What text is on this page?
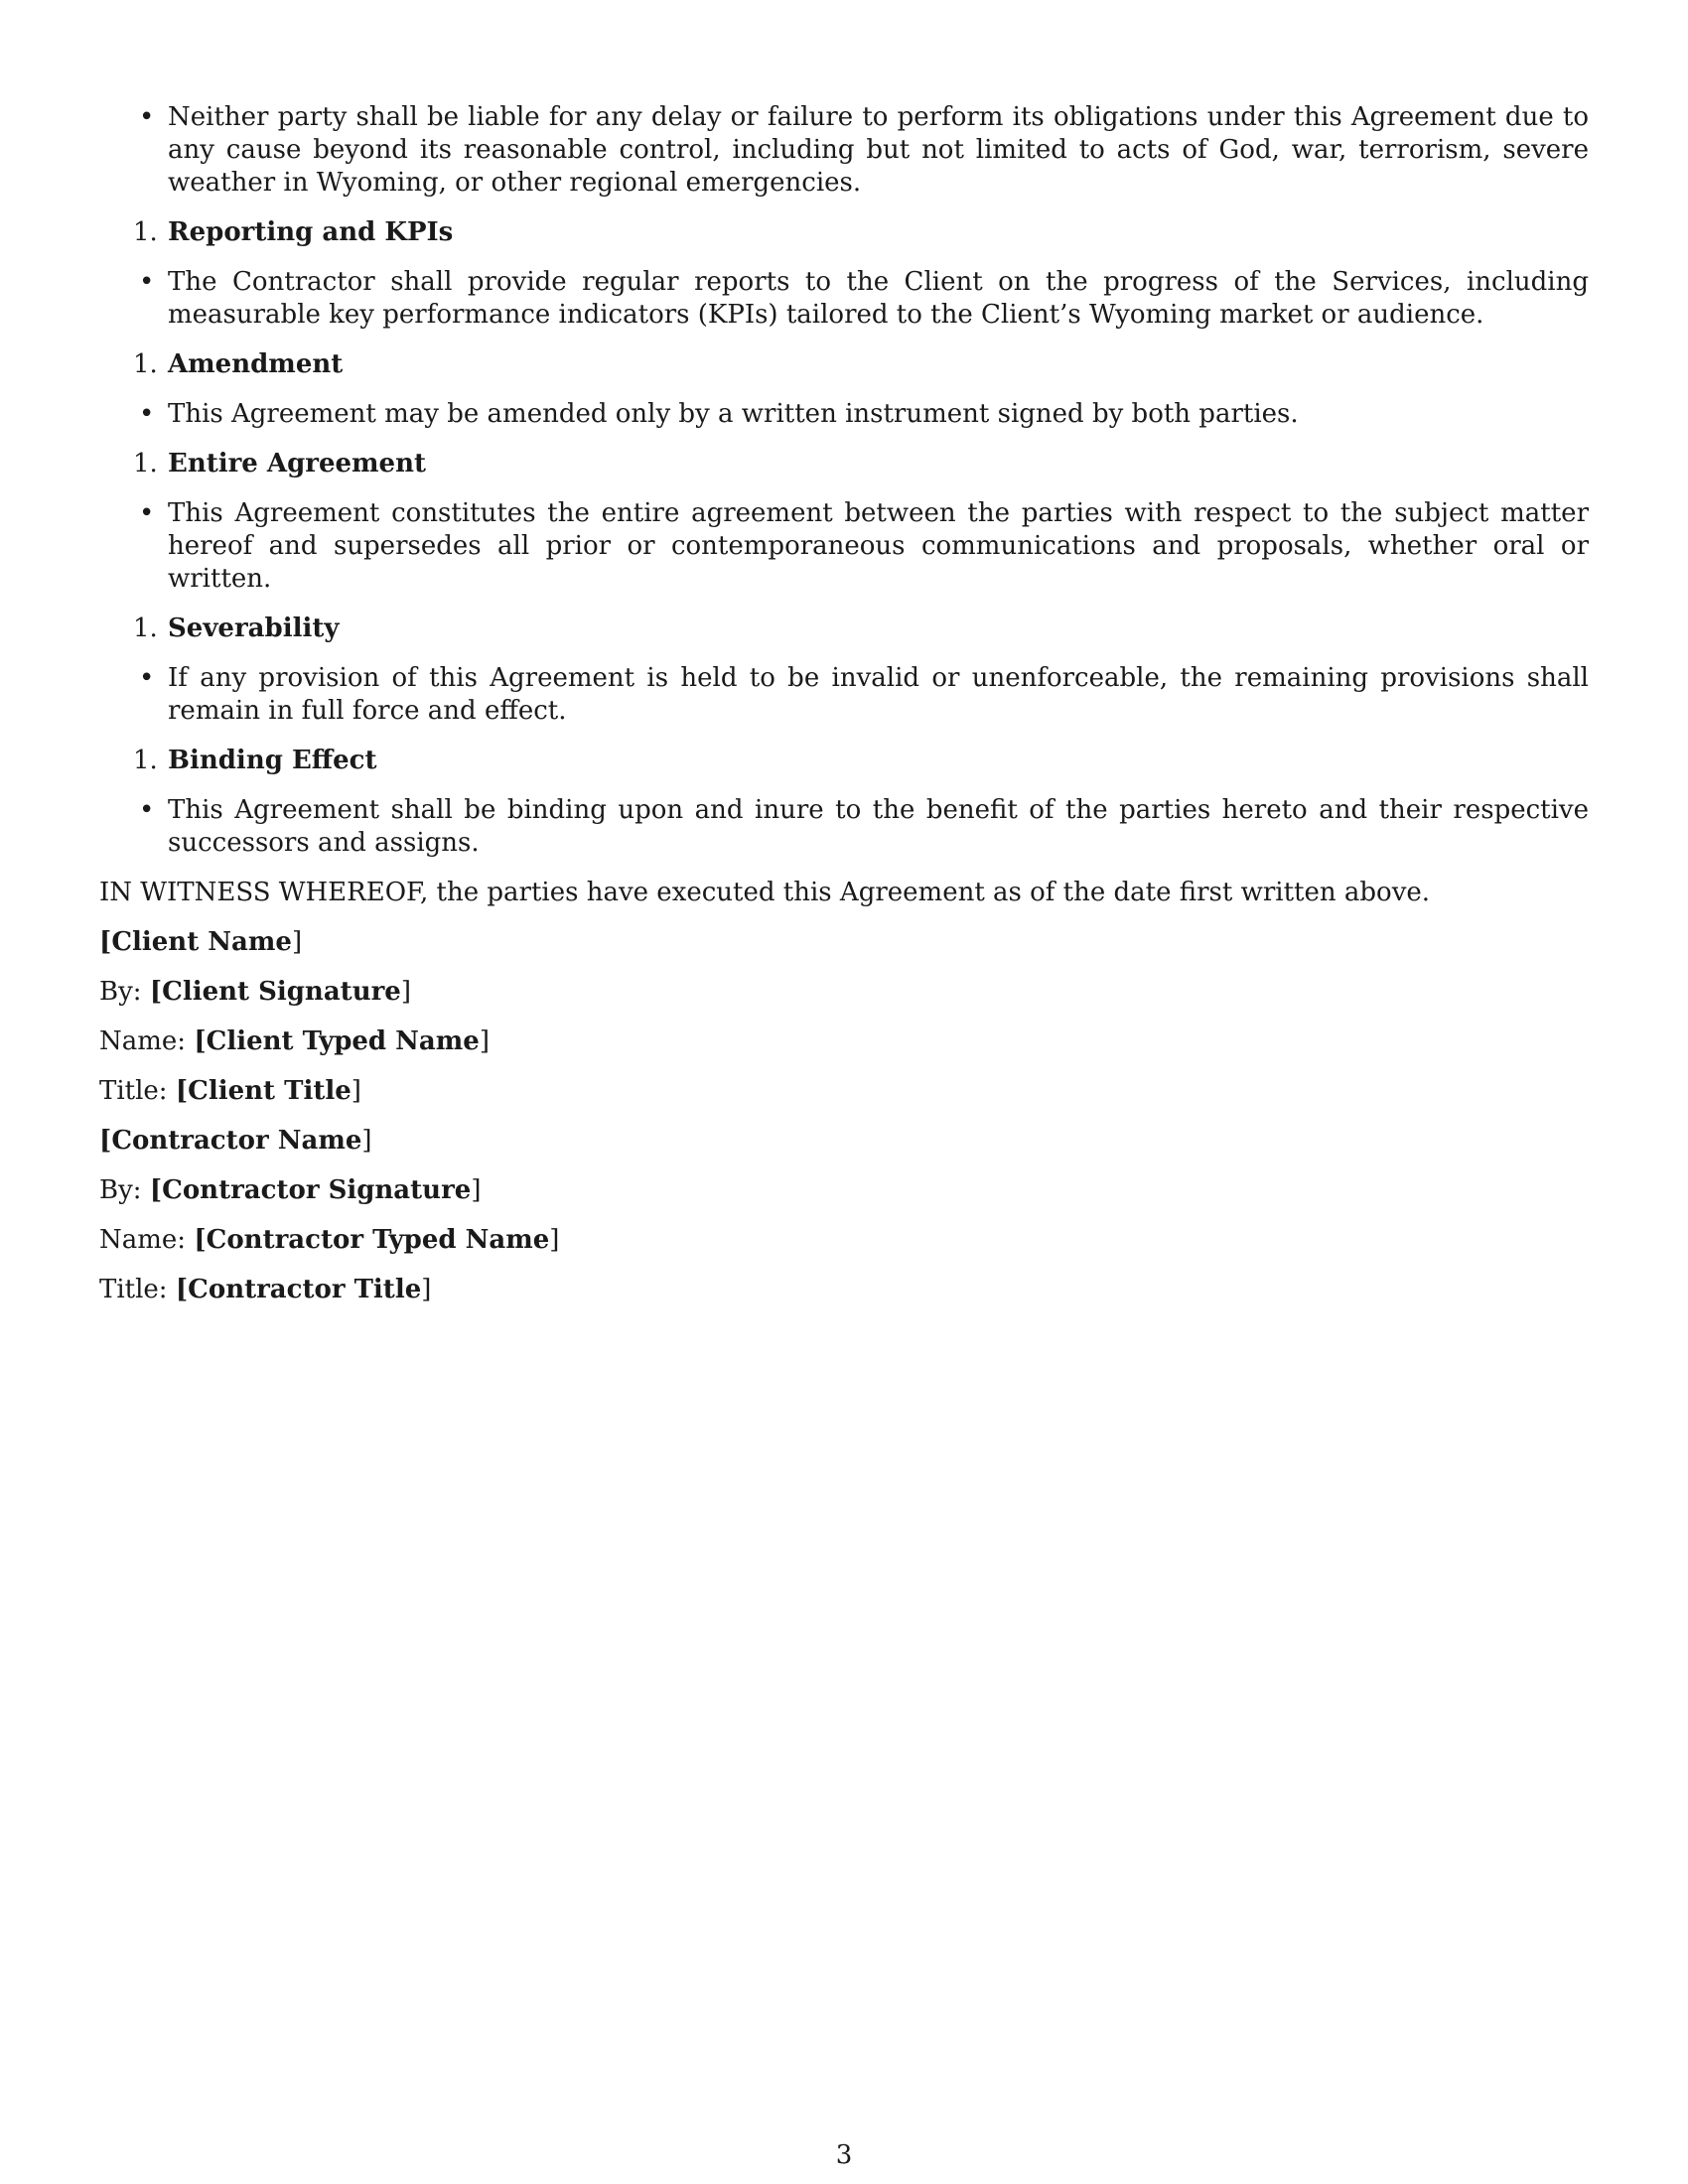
• Neither party shall be liable for any delay or failure to perform its obligations under this Agreement due to any cause beyond its reasonable control, including but not limited to acts of God, war, terrorism, severe weather in Wyoming, or other regional emergencies.
1. Reporting and KPIs
• The Contractor shall provide regular reports to the Client on the progress of the Services, including measurable key performance indicators (KPIs) tailored to the Client’s Wyoming market or audience.
1. Amendment
• This Agreement may be amended only by a written instrument signed by both parties.
1. Entire Agreement
• This Agreement constitutes the entire agreement between the parties with respect to the subject matter hereof and supersedes all prior or contemporaneous communications and proposals, whether oral or written.
1. Severability
• If any provision of this Agreement is held to be invalid or unenforceable, the remaining provisions shall remain in full force and effect.
1. Binding Effect
• This Agreement shall be binding upon and inure to the benefit of the parties hereto and their respective successors and assigns.

IN WITNESS WHEREOF, the parties have executed this Agreement as of the date first written above.

[Client Name]
By: [Client Signature]
Name: [Client Typed Name]
Title: [Client Title]
[Contractor Name]
By: [Contractor Signature]
Name: [Contractor Typed Name]
Title: [Contractor Title]
3
